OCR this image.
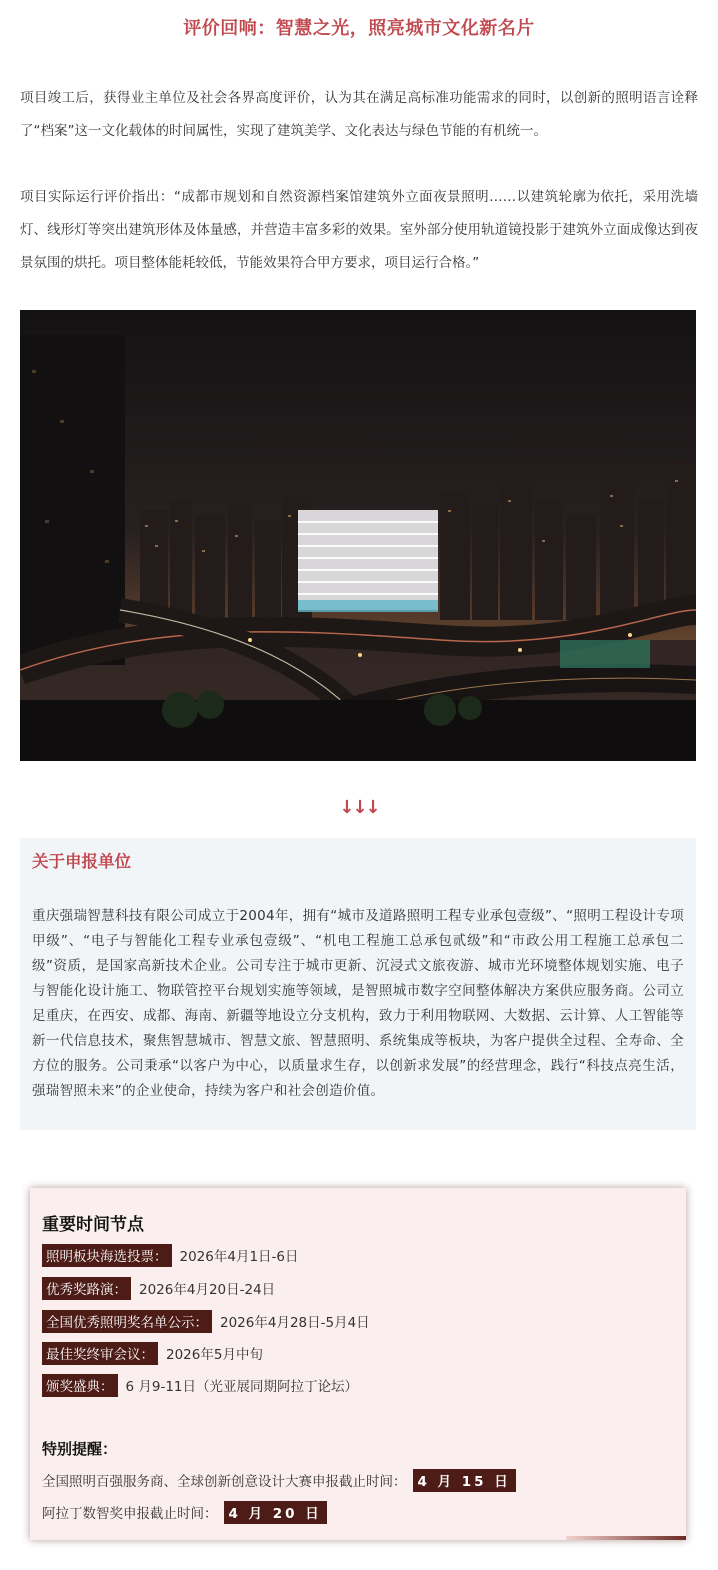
评价回响：智慧之光，照亮城市文化新名片
项目竣工后，获得业主单位及社会各界高度评价，认为其在满足高标准功能需求的同时，以创新的照明语言诠释了“档案”这一文化载体的时间属性，实现了建筑美学、文化表达与绿色节能的有机统一。
项目实际运行评价指出：“成都市规划和自然资源档案馆建筑外立面夜景照明……以建筑轮廓为依托，采用洗墙灯、线形灯等突出建筑形体及体量感，并营造丰富多彩的效果。室外部分使用轨道镜投影于建筑外立面成像达到夜景氛围的烘托。项目整体能耗较低，节能效果符合甲方要求，项目运行合格。”
↓↓↓
关于申报单位
重庆强瑞智慧科技有限公司成立于2004年，拥有“城市及道路照明工程专业承包壹级”、“照明工程设计专项甲级”、“电子与智能化工程专业承包壹级”、“机电工程施工总承包贰级”和“市政公用工程施工总承包二级”资质，是国家高新技术企业。公司专注于城市更新、沉浸式文旅夜游、城市光环境整体规划实施、电子与智能化设计施工、物联管控平台规划实施等领域，是智照城市数字空间整体解决方案供应服务商。公司立足重庆，在西安、成都、海南、新疆等地设立分支机构，致力于利用物联网、大数据、云计算、人工智能等新一代信息技术，聚焦智慧城市、智慧文旅、智慧照明、系统集成等板块，为客户提供全过程、全寿命、全方位的服务。公司秉承“以客户为中心，以质量求生存，以创新求发展”的经营理念，践行“科技点亮生活，强瑞智照未来”的企业使命，持续为客户和社会创造价值。
重要时间节点
照明板块海选投票： 2026年4月1日-6日
优秀奖路演： 2026年4月20日-24日
全国优秀照明奖名单公示： 2026年4月28日-5月4日
最佳奖终审会议： 2026年5月中旬
颁奖盛典： 6 月9-11日（光亚展同期阿拉丁论坛）
特别提醒：
全国照明百强服务商、全球创新创意设计大赛申报截止时间： 4 月 15 日
阿拉丁数智奖申报截止时间： 4 月 20 日
